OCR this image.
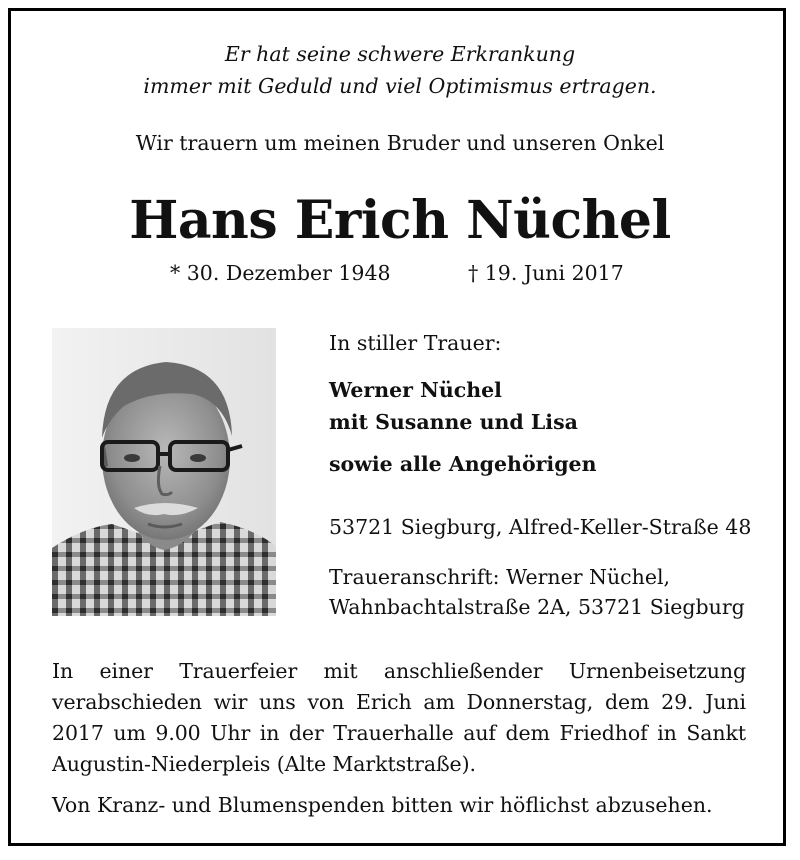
Er hat seine schwere Erkrankung
immer mit Geduld und viel Optimismus ertragen.
Wir trauern um meinen Bruder und unseren Onkel
Hans Erich Nüchel
* 30. Dezember 1948	† 19. Juni 2017
In stiller Trauer:
Werner Nüchel
mit Susanne und Lisa
sowie alle Angehörigen
53721 Siegburg, Alfred-Keller-Straße 48
Traueranschrift: Werner Nüchel,
Wahnbachtalstraße 2A, 53721 Siegburg
In einer Trauerfeier mit anschließender Urnenbeisetzung verabschieden wir uns von Erich am Donnerstag, dem 29. Juni 2017 um 9.00 Uhr in der Trauerhalle auf dem Friedhof in Sankt Augustin-Niederpleis (Alte Marktstraße).
Von Kranz- und Blumenspenden bitten wir höflichst abzusehen.
